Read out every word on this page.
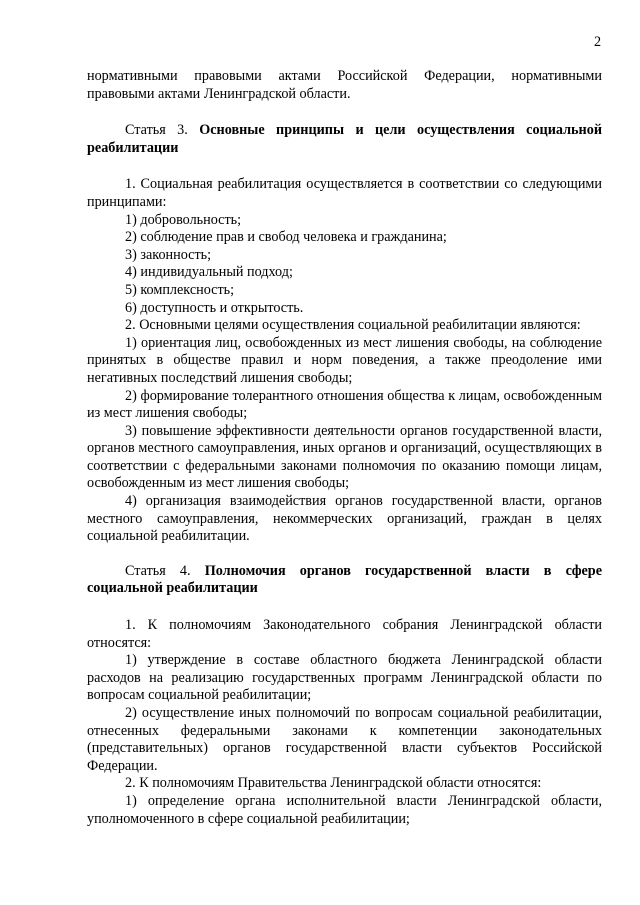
2

нормативными правовыми актами Российской Федерации, нормативными правовыми актами Ленинградской области.

Статья 3. Основные принципы и цели осуществления социальной реабилитации

1. Социальная реабилитация осуществляется в соответствии со следующими принципами:

1) добровольность;

2) соблюдение прав и свобод человека и гражданина;

3) законность;

4) индивидуальный подход;

5) комплексность;

6) доступность и открытость.

2. Основными целями осуществления социальной реабилитации являются:

1) ориентация лиц, освобожденных из мест лишения свободы, на соблюдение принятых в обществе правил и норм поведения, а также преодоление ими негативных последствий лишения свободы;

2) формирование толерантного отношения общества к лицам, освобожденным из мест лишения свободы;

3) повышение эффективности деятельности органов государственной власти, органов местного самоуправления, иных органов и организаций, осуществляющих в соответствии с федеральными законами полномочия по оказанию помощи лицам, освобожденным из мест лишения свободы;

4) организация взаимодействия органов государственной власти, органов местного самоуправления, некоммерческих организаций, граждан в целях социальной реабилитации.

Статья 4. Полномочия органов государственной власти в сфере социальной реабилитации

1. К полномочиям Законодательного собрания Ленинградской области относятся:

1) утверждение в составе областного бюджета Ленинградской области расходов на реализацию государственных программ Ленинградской области по вопросам социальной реабилитации;

2) осуществление иных полномочий по вопросам социальной реабилитации, отнесенных федеральными законами к компетенции законодательных (представительных) органов государственной власти субъектов Российской Федерации.

2. К полномочиям Правительства Ленинградской области относятся:

1) определение органа исполнительной власти Ленинградской области, уполномоченного в сфере социальной реабилитации;
